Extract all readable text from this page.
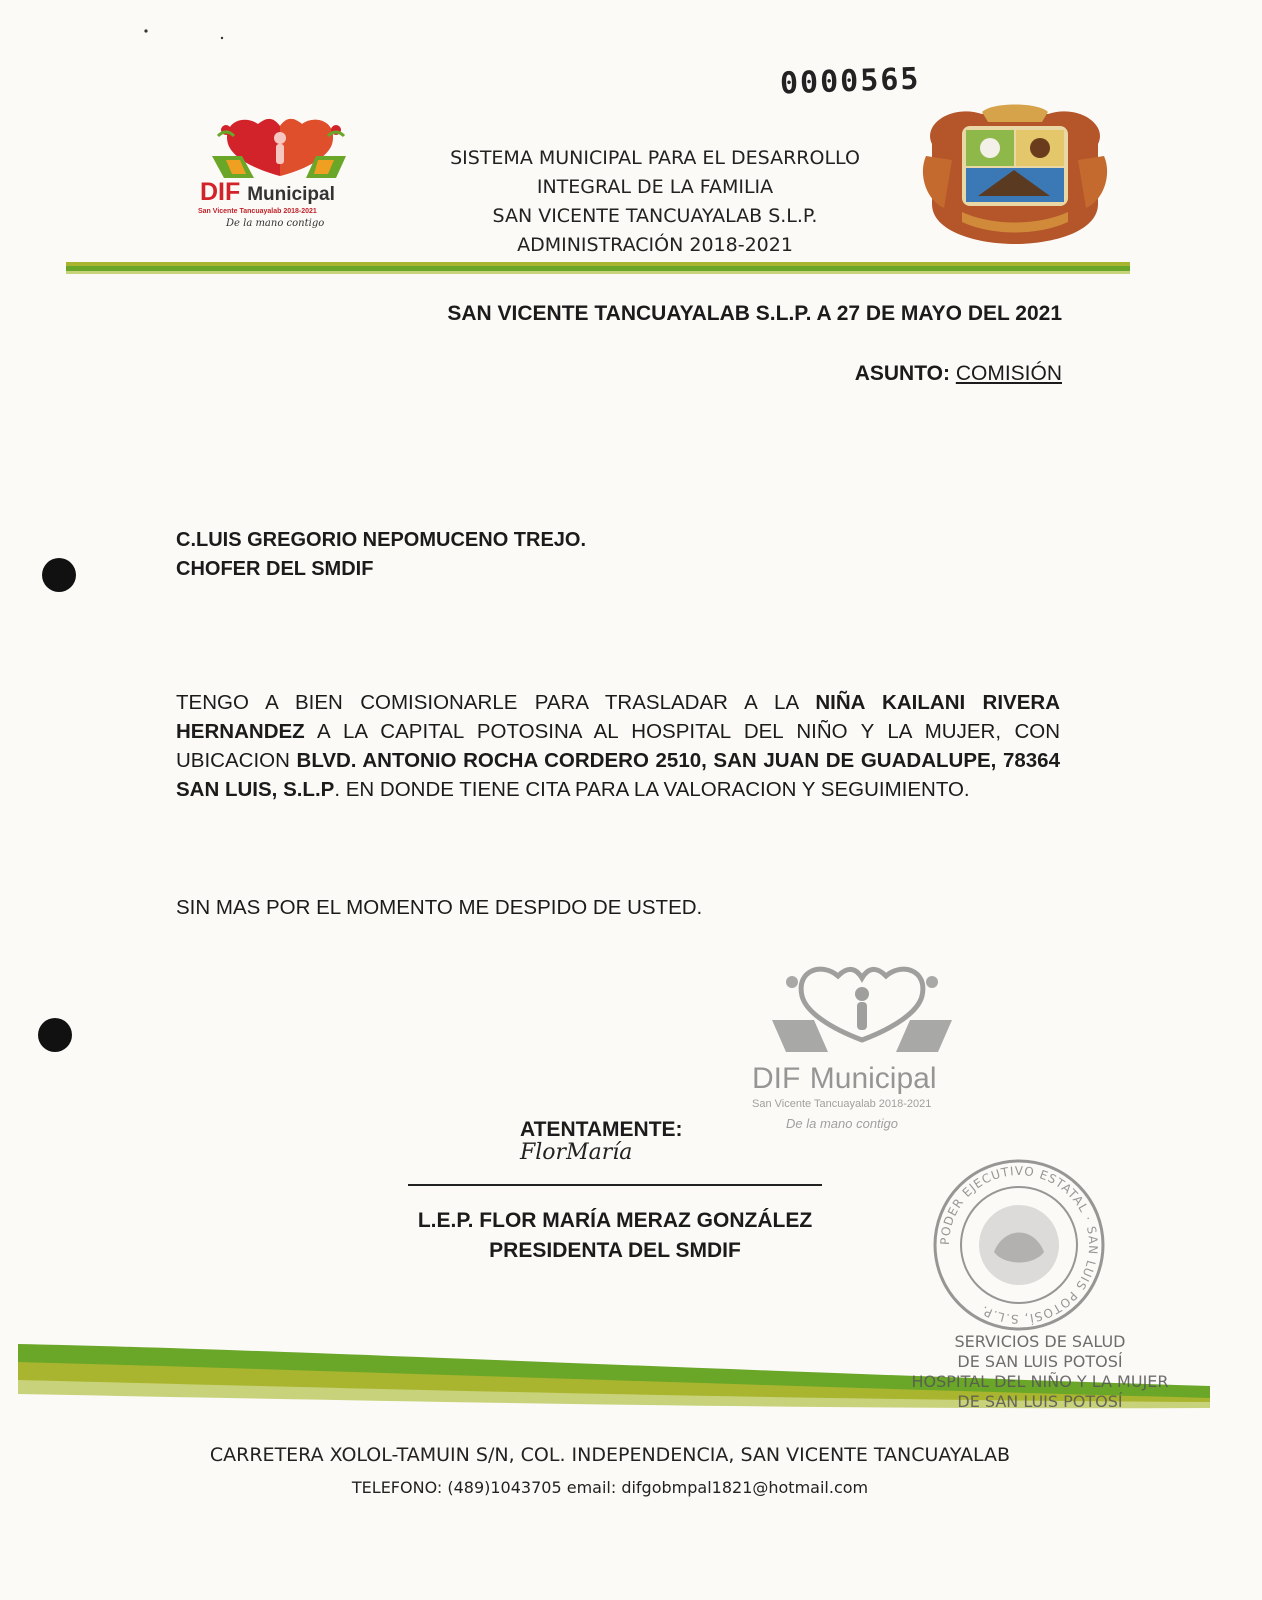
0000565
DIF Municipal
San Vicente Tancuayalab 2018-2021
De la mano contigo
SISTEMA MUNICIPAL PARA EL DESARROLLO
INTEGRAL DE LA FAMILIA
SAN VICENTE TANCUAYALAB S.L.P.
ADMINISTRACIÓN 2018-2021
SAN VICENTE TANCUAYALAB S.L.P. A 27 DE MAYO DEL 2021
ASUNTO: COMISIÓN
C.LUIS GREGORIO NEPOMUCENO TREJO.
CHOFER DEL SMDIF
TENGO A BIEN COMISIONARLE PARA TRASLADAR A LA NIÑA KAILANI RIVERA HERNANDEZ A LA CAPITAL POTOSINA AL HOSPITAL DEL NIÑO Y LA MUJER, CON UBICACION BLVD. ANTONIO ROCHA CORDERO 2510, SAN JUAN DE GUADALUPE, 78364 SAN LUIS, S.L.P. EN DONDE TIENE CITA PARA LA VALORACION Y SEGUIMIENTO.
SIN MAS POR EL MOMENTO ME DESPIDO DE USTED.
DIF Municipal
San Vicente Tancuayalab 2018-2021
De la mano contigo
ATENTAMENTE:
FlorMaría
L.E.P. FLOR MARÍA MERAZ GONZÁLEZ
PRESIDENTA DEL SMDIF	PODER EJECUTIVO ESTATAL · SAN LUIS POTOSÍ, S.L.P.
SERVICIOS DE SALUD
DE SAN LUIS POTOSÍ
HOSPITAL DEL NIÑO Y LA MUJER
DE SAN LUIS POTOSÍ
CARRETERA XOLOL-TAMUIN S/N, COL. INDEPENDENCIA, SAN VICENTE TANCUAYALAB
TELEFONO: (489)1043705 email: difgobmpal1821@hotmail.com
